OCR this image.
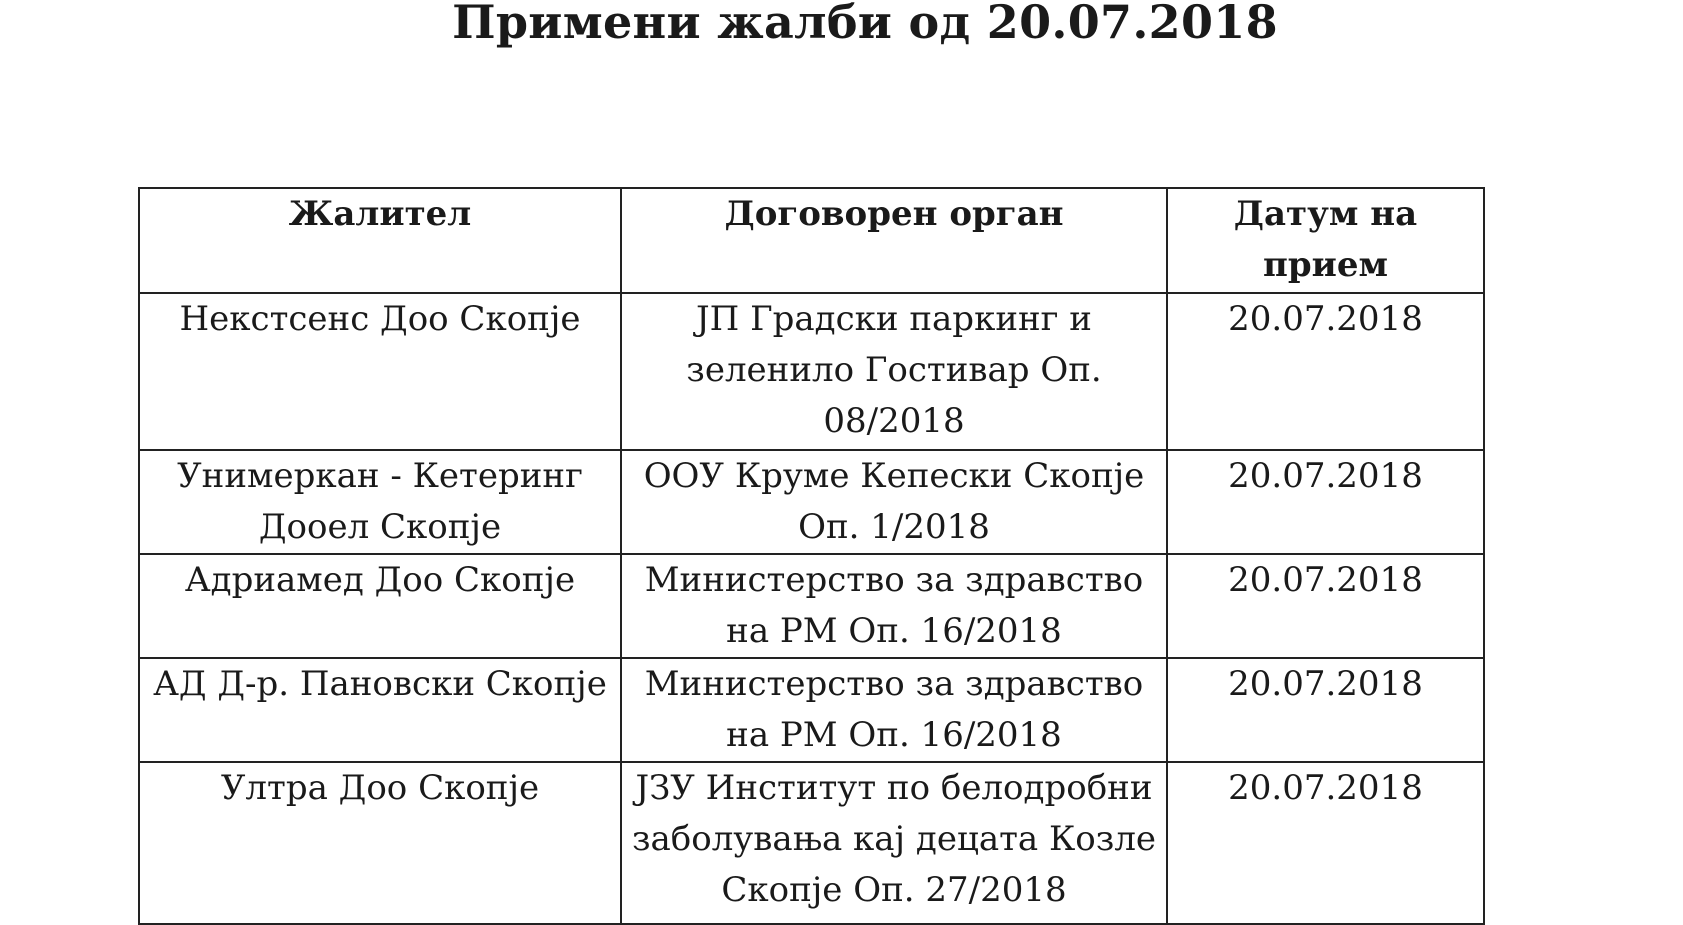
Примени жалби од 20.07.2018
Жалител	Договорен орган	Датум на прием
Некстсенс Доо Скопје	ЈП Градски паркинг и зеленило Гостивар Оп. 08/2018	20.07.2018
Унимеркан - Кетеринг Дооел Скопје	ООУ Круме Кепески Скопје Оп. 1/2018	20.07.2018
Адриамед Доо Скопје	Министерство за здравство на РМ Оп. 16/2018	20.07.2018
АД Д-р. Пановски Скопје	Министерство за здравство на РМ Оп. 16/2018	20.07.2018
Ултра Доо Скопје	ЈЗУ Институт по белодробни заболувања кај децата Козле Скопје Оп. 27/2018	20.07.2018
